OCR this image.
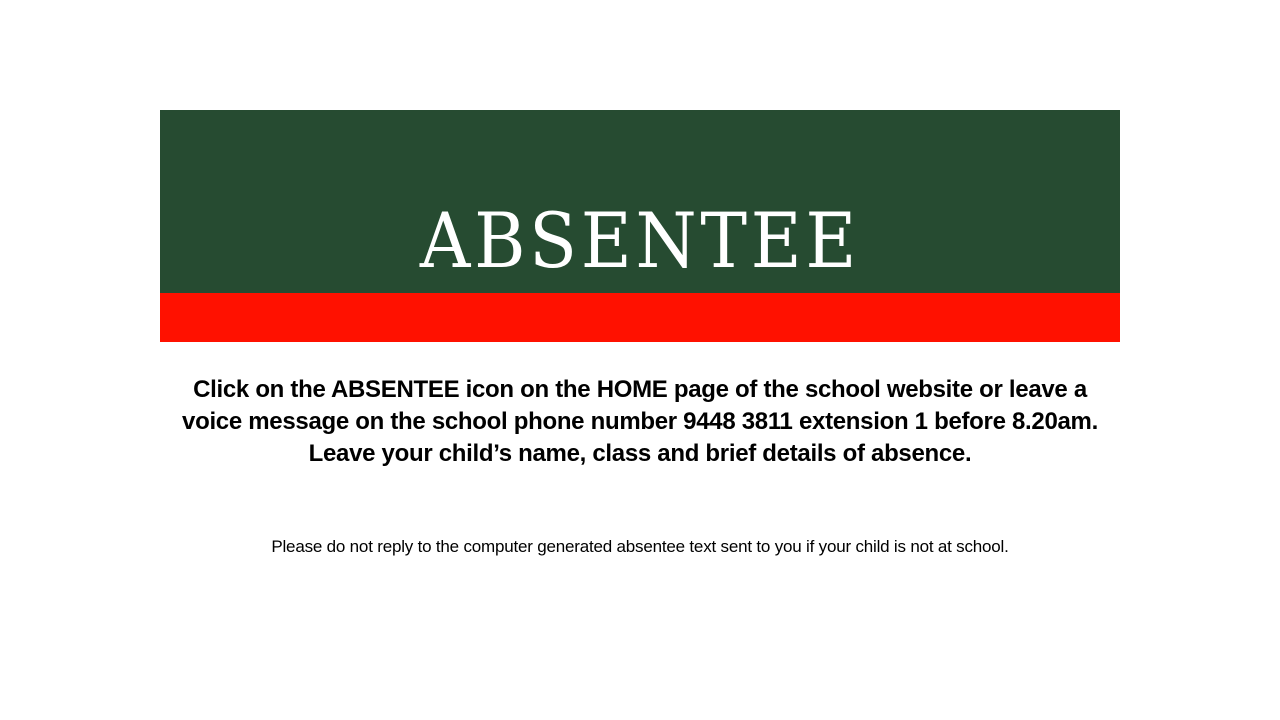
ABSENTEE

Click on the ABSENTEE icon on the HOME page of the school website or leave a voice message on the school phone number 9448 3811 extension 1 before 8.20am.

Leave your child’s name, class and brief details of absence.

Please do not reply to the computer generated absentee text sent to you if your child is not at school.
